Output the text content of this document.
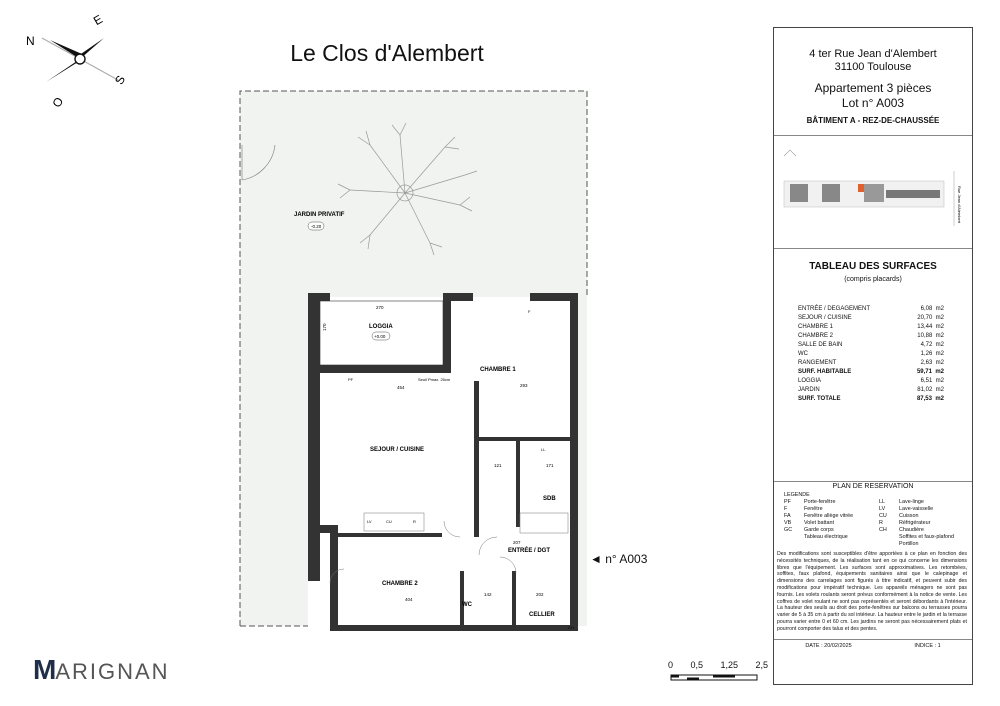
N
E
S
O
Le Clos d'Alembert
JARDIN PRIVATIF
-0.20
LOGGIA
+0.00
270
170
CHAMBRE 1
SEJOUR / CUISINE
SDB
ENTRÉE / DGT
CHAMBRE 2
WC
CELLIER
293
454
Seuil Pmax. 25cm
404
207
121	171
142	202
LV	CU	R
LL
CH
PF
F
◄ n° A003
0 0,5 1,25 2,5
MARIGNAN
4 ter Rue Jean d'Alembert
31100 Toulouse
Appartement 3 pièces
Lot n° A003
BÂTIMENT A - REZ-DE-CHAUSSÉE
Rue Jean d'Alembert
TABLEAU DES SURFACES
(compris placards)
ENTRÉE / DEGAGEMENT	6,08 m2
SEJOUR / CUISINE	20,70 m2
CHAMBRE 1	13,44 m2
CHAMBRE 2	10,88 m2
SALLE DE BAIN	4,72 m2
WC	1,26 m2
RANGEMENT	2,63 m2
SURF. HABITABLE	59,71 m2
LOGGIA	6,51 m2
JARDIN	81,02 m2
SURF. TOTALE	87,53 m2
PLAN DE RESERVATION
LEGENDE
PF Porte-fenêtre
F	Fenêtre
FA Fenêtre allège vitrée
VB Volet battant
GC Garde corps
Tableau électrique
LL	Lave-linge
LV	Lave-vaisselle
CU Cuisson
R	Réfrigérateur
CH Chaudière
Soffites et faux-plafond
Portillon
Des modifications sont susceptibles d'être apportées à ce plan en fonction des nécessités techniques, de la réalisation tant en ce qui concerne les dimensions libres que l'équipement. Les surfaces sont approximatives. Les retombées, soffites, faux plafond, équipements sanitaires ainsi que le calepinage et dimensions des carrelages sont figurés à titre indicatif, et peuvent subir des modifications pour impératif technique. Les appareils ménagers ne sont pas fournis. Les volets roulants seront prévus conformément à la notice de vente. Les coffres de volet roulant ne sont pas représentés et seront débordants à l'intérieur. La hauteur des seuils au droit des porte-fenêtres sur balcons ou terrasses pourra varier de 5 à 35 cm à partir du sol intérieur. La hauteur entre le jardin et la terrasse pourra varier entre 0 et 60 cm. Les jardins ne seront pas nécessairement plats et pourront comporter des talus et des pentes.
DATE : 20/02/2025	INDICE : 1
